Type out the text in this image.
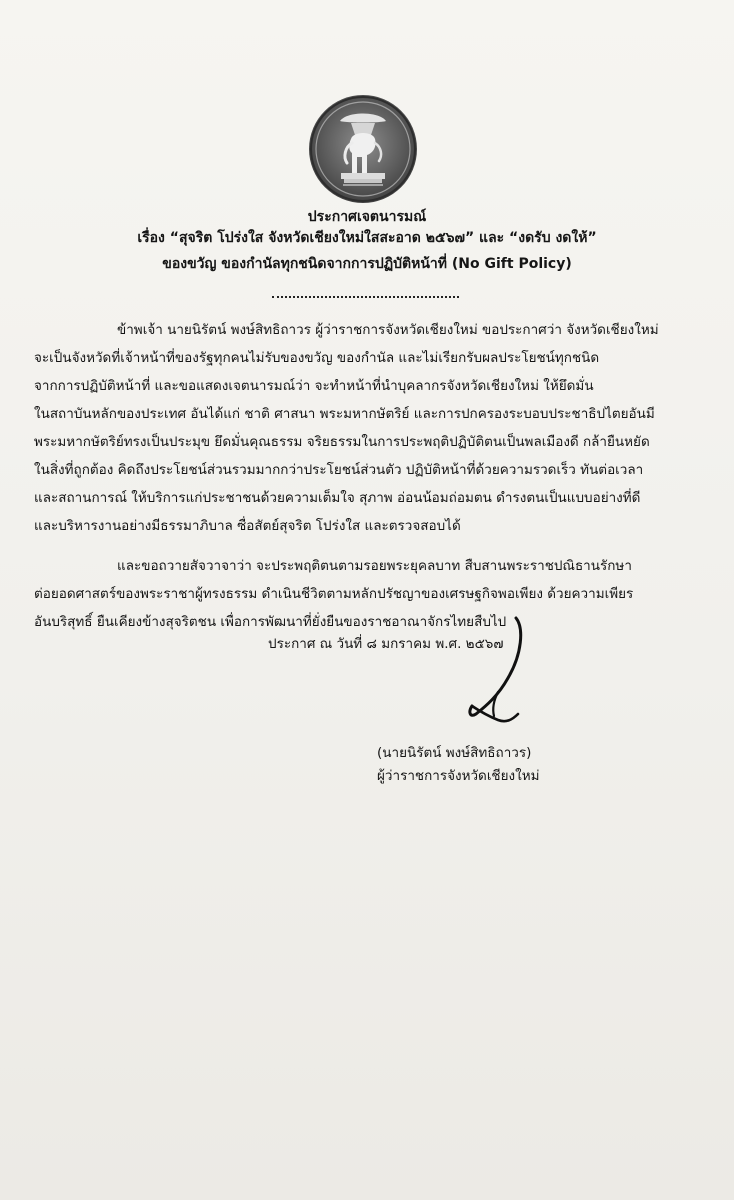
ประกาศเจตนารมณ์
เรื่อง “สุจริต โปร่งใส จังหวัดเชียงใหม่ใสสะอาด ๒๕๖๗” และ “งดรับ งดให้”
ของขวัญ ของกำนัลทุกชนิดจากการปฏิบัติหน้าที่ (No Gift Policy)
ข้าพเจ้า นายนิรัตน์ พงษ์สิทธิถาวร ผู้ว่าราชการจังหวัดเชียงใหม่ ขอประกาศว่า จังหวัดเชียงใหม่
จะเป็นจังหวัดที่เจ้าหน้าที่ของรัฐทุกคนไม่รับของขวัญ ของกำนัล และไม่เรียกรับผลประโยชน์ทุกชนิด
จากการปฏิบัติหน้าที่ และขอแสดงเจตนารมณ์ว่า จะทำหน้าที่นำบุคลากรจังหวัดเชียงใหม่ ให้ยึดมั่น
ในสถาบันหลักของประเทศ อันได้แก่ ชาติ ศาสนา พระมหากษัตริย์ และการปกครองระบอบประชาธิปไตยอันมี
พระมหากษัตริย์ทรงเป็นประมุข ยึดมั่นคุณธรรม จริยธรรมในการประพฤติปฏิบัติตนเป็นพลเมืองดี กล้ายืนหยัด
ในสิ่งที่ถูกต้อง คิดถึงประโยชน์ส่วนรวมมากกว่าประโยชน์ส่วนตัว ปฏิบัติหน้าที่ด้วยความรวดเร็ว ทันต่อเวลา
และสถานการณ์ ให้บริการแก่ประชาชนด้วยความเต็มใจ สุภาพ อ่อนน้อมถ่อมตน ดำรงตนเป็นแบบอย่างที่ดี
และบริหารงานอย่างมีธรรมาภิบาล ซื่อสัตย์สุจริต โปร่งใส และตรวจสอบได้
และขอถวายสัจวาจาว่า จะประพฤติตนตามรอยพระยุคลบาท สืบสานพระราชปณิธานรักษา
ต่อยอดศาสตร์ของพระราชาผู้ทรงธรรม ดำเนินชีวิตตามหลักปรัชญาของเศรษฐกิจพอเพียง ด้วยความเพียร
อันบริสุทธิ์ ยืนเคียงข้างสุจริตชน เพื่อการพัฒนาที่ยั่งยืนของราชอาณาจักรไทยสืบไป
ประกาศ ณ วันที่ ๘ มกราคม พ.ศ. ๒๕๖๗
(นายนิรัตน์ พงษ์สิทธิถาวร)
ผู้ว่าราชการจังหวัดเชียงใหม่
